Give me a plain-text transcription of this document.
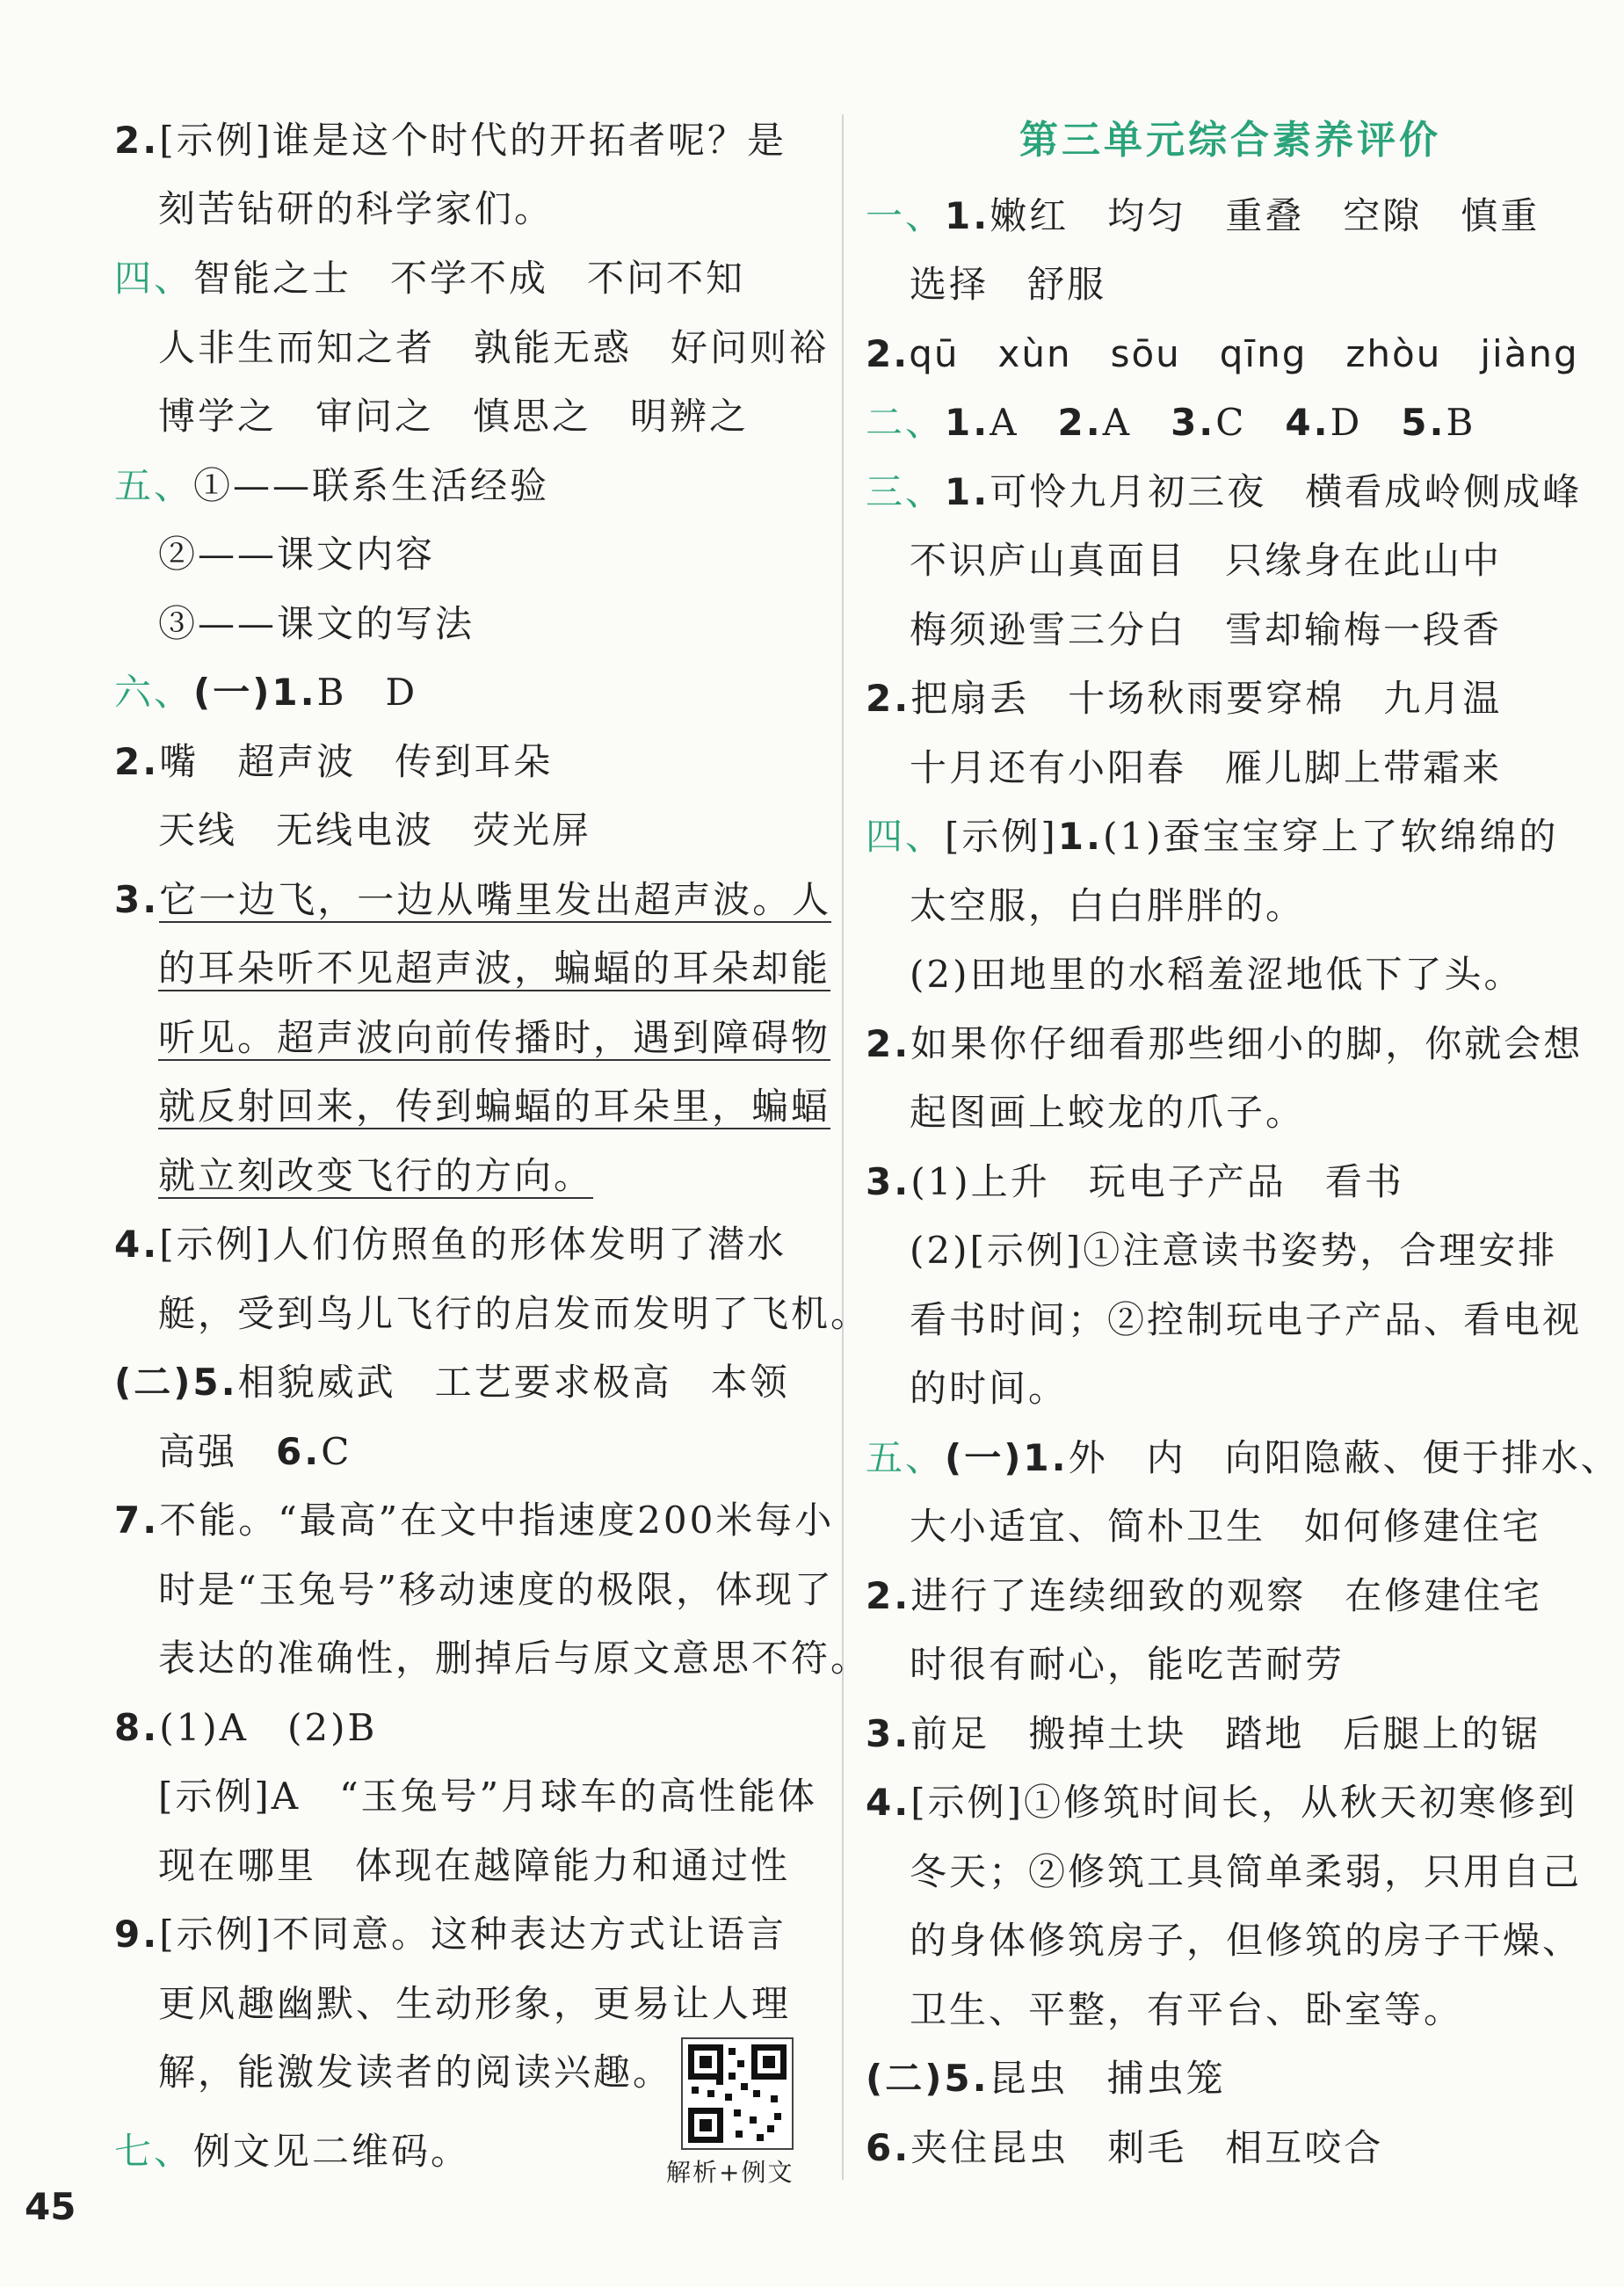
2.[示例]谁是这个时代的开拓者呢？是
刻苦钻研的科学家们。
四、智能之士 不学不成 不问不知
人非生而知之者 孰能无惑 好问则裕
博学之 审问之 慎思之 明辨之
五、①——联系生活经验
②——课文内容
③——课文的写法
六、(一)1.B D
2.嘴 超声波 传到耳朵
天线 无线电波 荧光屏
3.它一边飞，一边从嘴里发出超声波。人
的耳朵听不见超声波，蝙蝠的耳朵却能
听见。超声波向前传播时，遇到障碍物
就反射回来，传到蝙蝠的耳朵里，蝙蝠
就立刻改变飞行的方向。
4.[示例]人们仿照鱼的形体发明了潜水
艇，受到鸟儿飞行的启发而发明了飞机。
(二)5.相貌威武 工艺要求极高 本领
高强 6.C
7.不能。“最高”在文中指速度200米每小
时是“玉兔号”移动速度的极限，体现了
表达的准确性，删掉后与原文意思不符。
8.(1)A (2)B
[示例]A “玉兔号”月球车的高性能体
现在哪里 体现在越障能力和通过性
9.[示例]不同意。这种表达方式让语言
更风趣幽默、生动形象，更易让人理
解，能激发读者的阅读兴趣。
七、例文见二维码。	解析+例文
第三单元综合素养评价
一、1.嫩红 均匀 重叠 空隙 慎重
选择 舒服
2.qū xùn sōu qīng zhòu jiàng
二、1.A 2.A 3.C 4.D 5.B
三、1.可怜九月初三夜 横看成岭侧成峰
不识庐山真面目 只缘身在此山中
梅须逊雪三分白 雪却输梅一段香
2.把扇丢 十场秋雨要穿棉 九月温
十月还有小阳春 雁儿脚上带霜来
四、[示例]1.(1)蚕宝宝穿上了软绵绵的
太空服，白白胖胖的。
(2)田地里的水稻羞涩地低下了头。
2.如果你仔细看那些细小的脚，你就会想
起图画上蛟龙的爪子。
3.(1)上升 玩电子产品 看书
(2)[示例]①注意读书姿势，合理安排
看书时间；②控制玩电子产品、看电视
的时间。
五、(一)1.外 内 向阳隐蔽、便于排水、
大小适宜、简朴卫生 如何修建住宅
2.进行了连续细致的观察 在修建住宅
时很有耐心，能吃苦耐劳
3.前足 搬掉土块 踏地 后腿上的锯
4.[示例]①修筑时间长，从秋天初寒修到
冬天；②修筑工具简单柔弱，只用自己
的身体修筑房子，但修筑的房子干燥、
卫生、平整，有平台、卧室等。
(二)5.昆虫 捕虫笼
6.夹住昆虫 刺毛 相互咬合
45
